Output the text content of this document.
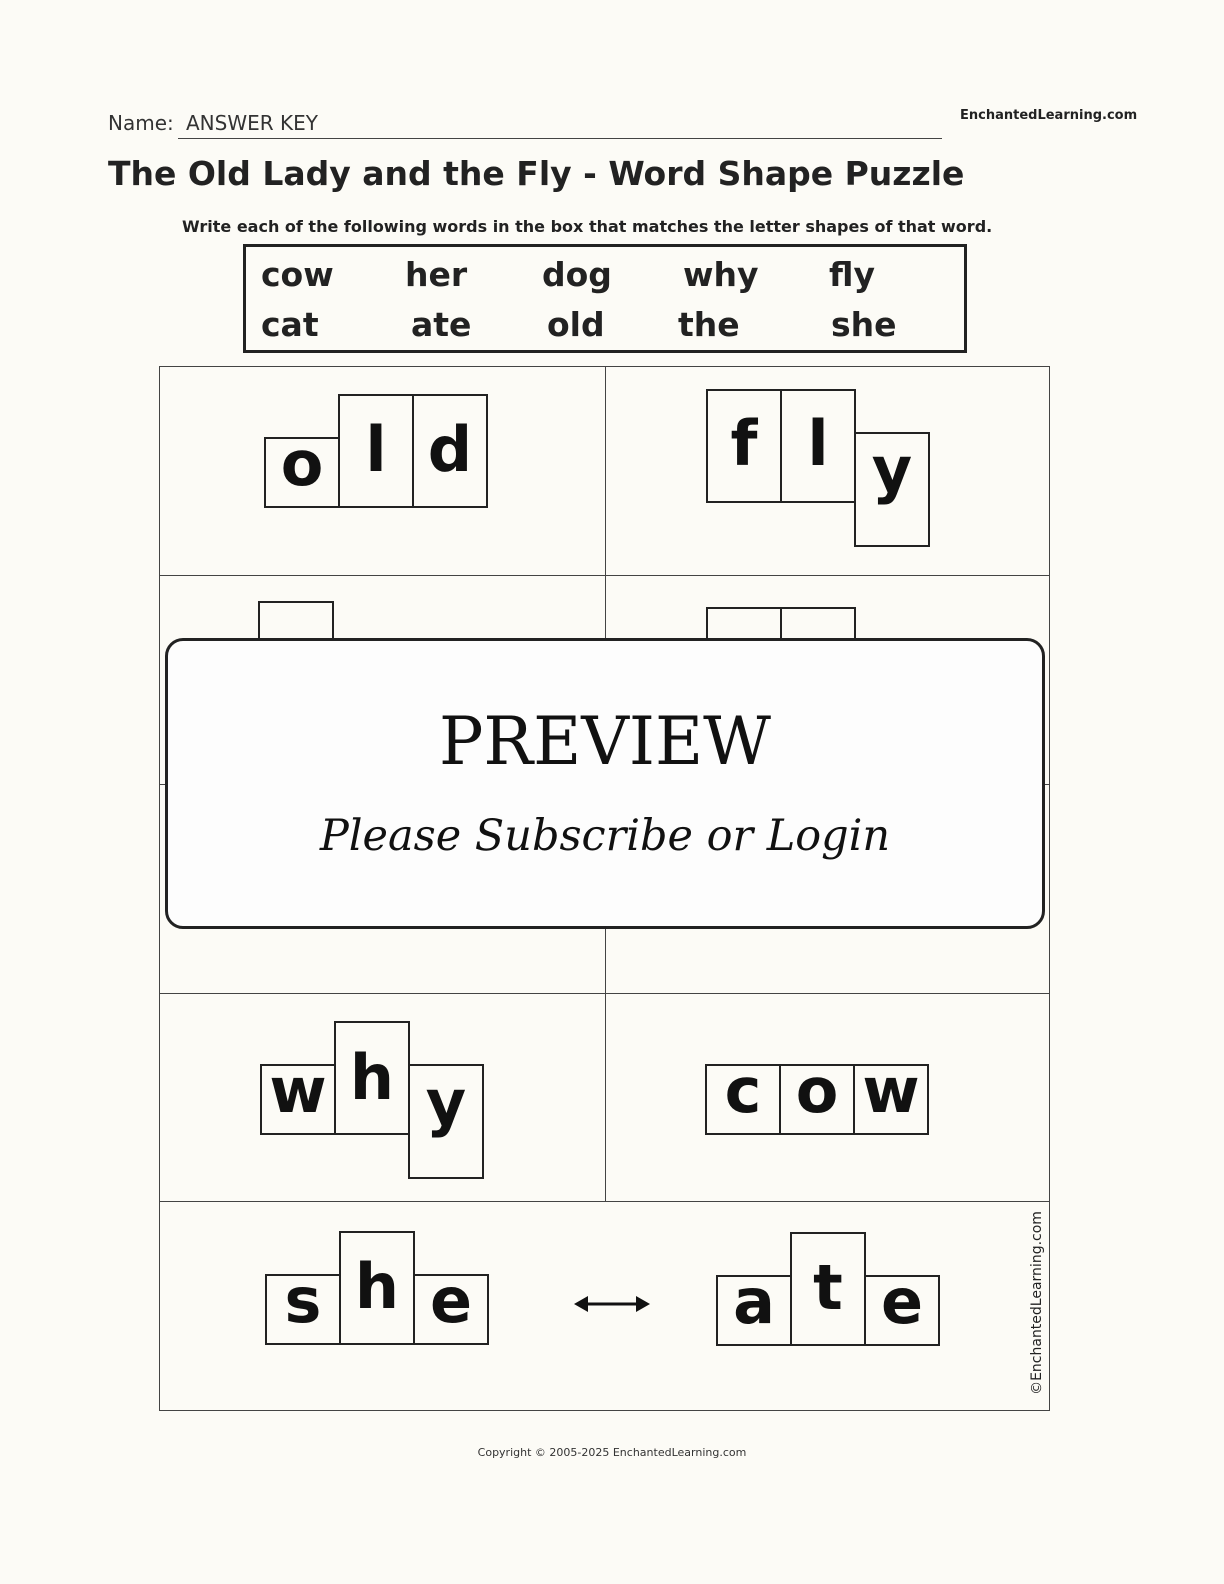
Name: ANSWER KEY	EnchantedLearning.com
The Old Lady and the Fly - Word Shape Puzzle
Write each of the following words in the box that matches the letter shapes of that word.
cow her dog why fly
cat	ate old the	she
o l d	f l y
w h y	c o w
s h e	a t e	©EnchantedLearning.com
PREVIEW
Please Subscribe or Login
Copyright © 2005-2025 EnchantedLearning.com
